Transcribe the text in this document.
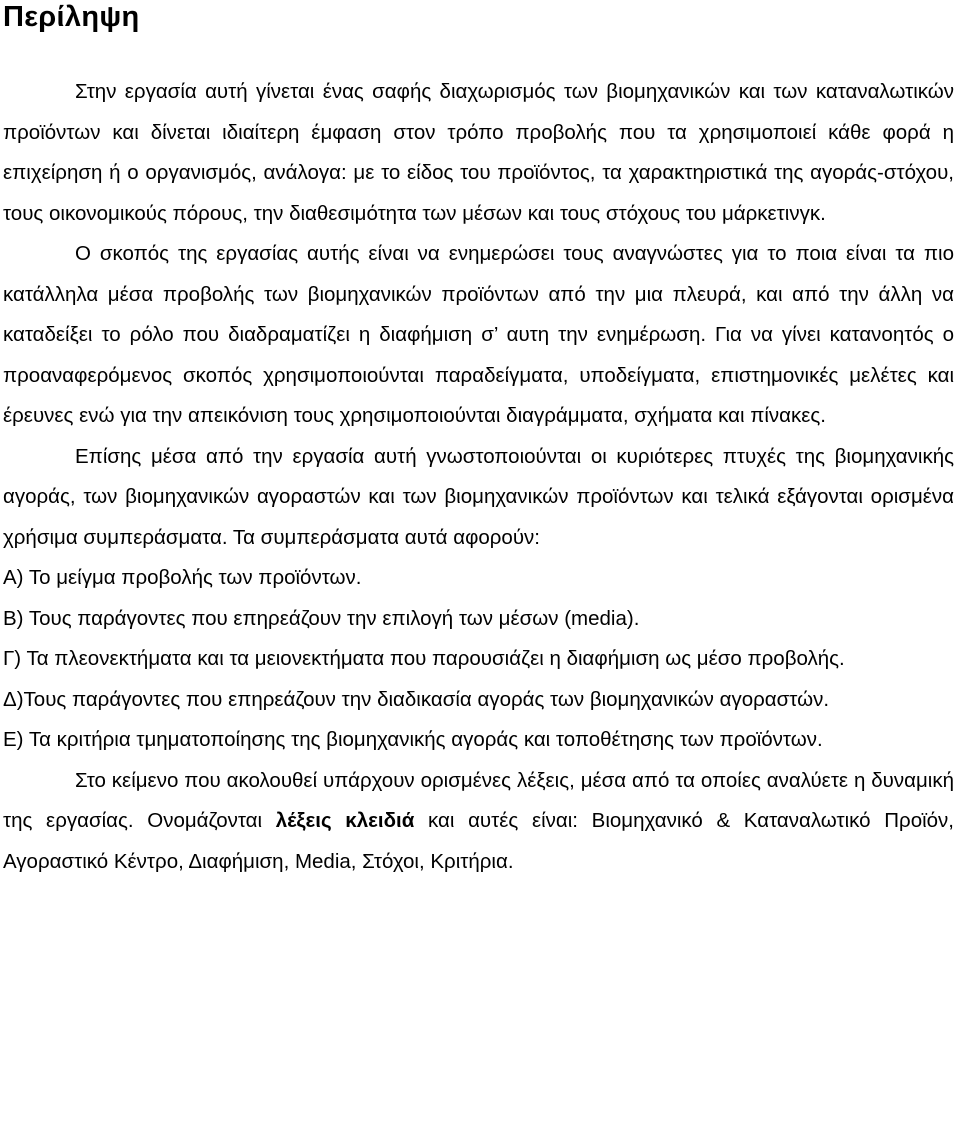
Περίληψη

Στην εργασία αυτή γίνεται ένας σαφής διαχωρισμός των βιομηχανικών και των καταναλωτικών προϊόντων και δίνεται ιδιαίτερη έμφαση στον τρόπο προβολής που τα χρησιμοποιεί κάθε φορά η επιχείρηση ή ο οργανισμός, ανάλογα: με το είδος του προϊόντος, τα χαρακτηριστικά της αγοράς-στόχου, τους οικονομικούς πόρους, την διαθεσιμότητα των μέσων και τους στόχους του μάρκετινγκ.

Ο σκοπός της εργασίας αυτής είναι να ενημερώσει τους αναγνώστες για το ποια είναι τα πιο κατάλληλα μέσα προβολής των βιομηχανικών προϊόντων από την μια πλευρά, και από την άλλη να καταδείξει το ρόλο που διαδραματίζει η διαφήμιση σ’ αυτη την ενημέρωση. Για να γίνει κατανοητός ο προαναφερόμενος σκοπός χρησιμοποιούνται παραδείγματα, υποδείγματα, επιστημονικές μελέτες και έρευνες ενώ για την απεικόνιση τους χρησιμοποιούνται διαγράμματα, σχήματα και πίνακες.

Επίσης μέσα από την εργασία αυτή γνωστοποιούνται οι κυριότερες πτυχές της βιομηχανικής αγοράς, των βιομηχανικών αγοραστών και των βιομηχανικών προϊόντων και τελικά εξάγονται ορισμένα χρήσιμα συμπεράσματα. Τα συμπεράσματα αυτά αφορούν:

Α) Το μείγμα προβολής των προϊόντων.

Β) Τους παράγοντες που επηρεάζουν την επιλογή των μέσων (media).

Γ) Τα πλεονεκτήματα και τα μειονεκτήματα που παρουσιάζει η διαφήμιση ως μέσο προβολής.

Δ)Τους παράγοντες που επηρεάζουν την διαδικασία αγοράς των βιομηχανικών αγοραστών.

Ε) Τα κριτήρια τμηματοποίησης της βιομηχανικής αγοράς και τοποθέτησης των προϊόντων.

Στο κείμενο που ακολουθεί υπάρχουν ορισμένες λέξεις, μέσα από τα οποίες αναλύετε η δυναμική της εργασίας. Ονομάζονται λέξεις κλειδιά και αυτές είναι: Βιομηχανικό & Καταναλωτικό Προϊόν, Αγοραστικό Κέντρο, Διαφήμιση, Media, Στόχοι, Κριτήρια.
